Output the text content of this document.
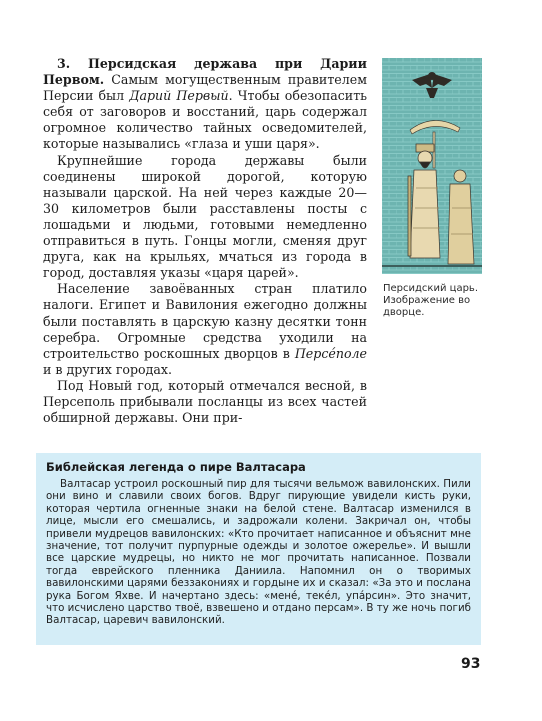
3. Персидская держава при Дарии Первом. Самым могущественным правителем Персии был Дарий Первый. Чтобы обезопасить себя от заговоров и восстаний, царь содержал огромное количество тайных осведомителей, которые назывались «глаза и уши царя».

Крупнейшие города державы были соединены широкой дорогой, которую называли царской. На ней через каждые 20—30 километров были расставлены посты с лошадьми и людьми, готовыми немедленно отправиться в путь. Гонцы могли, сменяя друг друга, как на крыльях, мчаться из города в город, доставляя указы «царя царей».

Население завоёванных стран платило налоги. Египет и Вавилония ежегодно должны были поставлять в царскую казну десятки тонн серебра. Огромные средства уходили на строительство роскошных дворцов в Персéполе и в других городах.

Под Новый год, который отмечался весной, в Персеполь прибывали посланцы из всех частей обширной державы. Они при-

Персидский царь. Изображение во дворце.
Библейская легенда о пире Валтасара

Валтасар устроил роскошный пир для тысячи вельмож вавилонских. Пили они вино и славили своих богов. Вдруг пирующие увидели кисть руки, которая чертила огненные знаки на белой стене. Валтасар изменился в лице, мысли его смешались, и задрожали колени. Закричал он, чтобы привели мудрецов вавилонских: «Кто прочитает написанное и объяснит мне значение, тот получит пурпурные одежды и золотое ожерелье». И вышли все царские мудрецы, но никто не мог прочитать написанное. Позвали тогда еврейского пленника Даниила. Напомнил он о творимых вавилонскими царями беззакониях и гордыне их и сказал: «За это и послана рука Богом Яхве. И начертано здесь: «менé, текéл, упáрсин». Это значит, что исчислено царство твоё, взвешено и отдано персам». В ту же ночь погиб Валтасар, царевич вавилонский.

93
